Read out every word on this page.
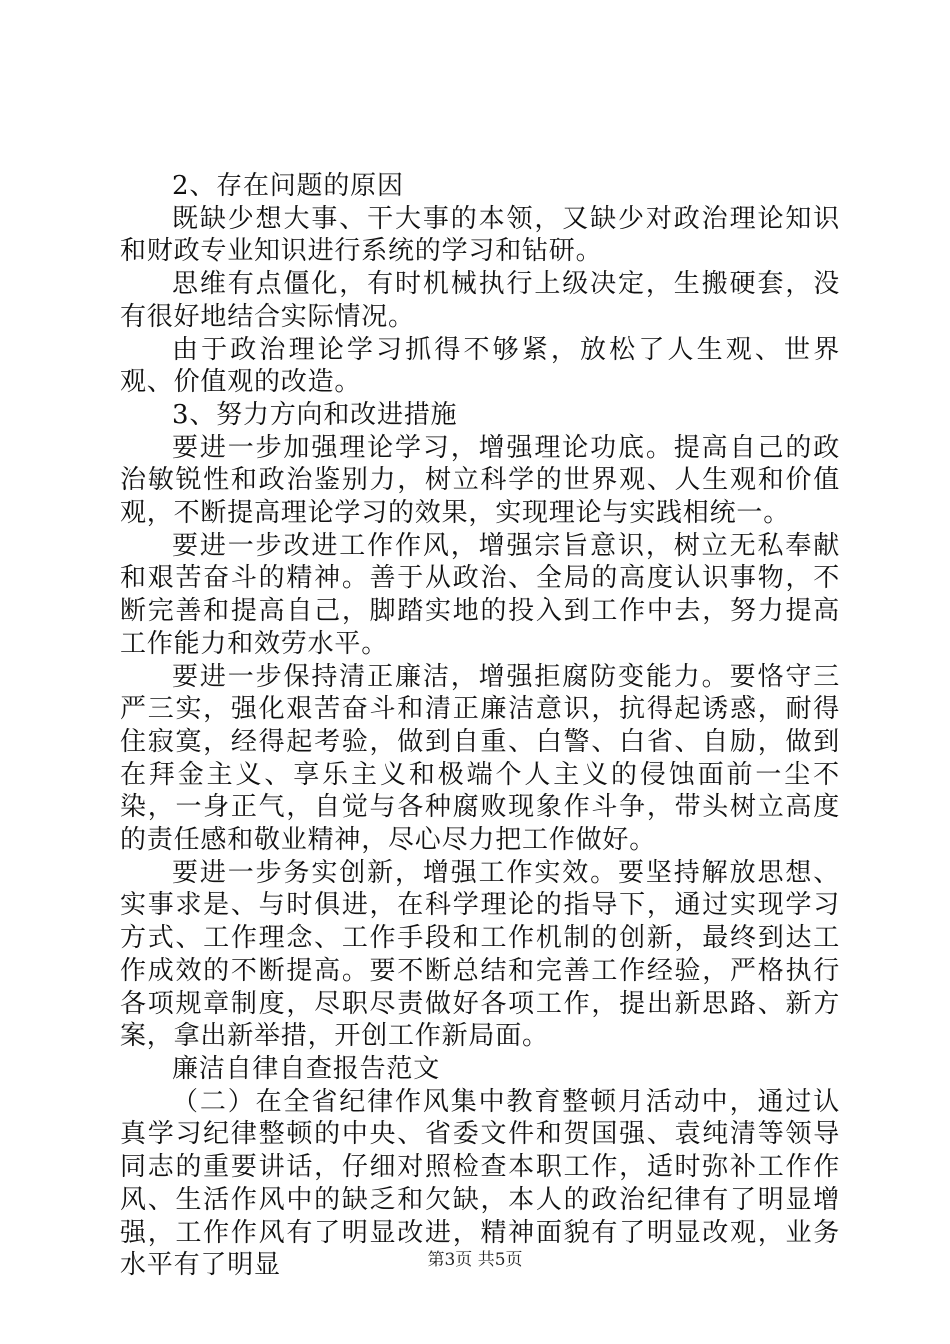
2、存在问题的原因

既缺少想大事、干大事的本领，又缺少对政治理论知识和财政专业知识进行系统的学习和钻研。

思维有点僵化，有时机械执行上级决定，生搬硬套，没有很好地结合实际情况。

由于政治理论学习抓得不够紧，放松了人生观、世界观、价值观的改造。

3、努力方向和改进措施

要进一步加强理论学习，增强理论功底。提高自己的政治敏锐性和政治鉴别力，树立科学的世界观、人生观和价值观，不断提高理论学习的效果，实现理论与实践相统一。

要进一步改进工作作风，增强宗旨意识，树立无私奉献和艰苦奋斗的精神。善于从政治、全局的高度认识事物，不断完善和提高自己，脚踏实地的投入到工作中去，努力提高工作能力和效劳水平。

要进一步保持清正廉洁，增强拒腐防变能力。要恪守三严三实，强化艰苦奋斗和清正廉洁意识，抗得起诱惑，耐得住寂寞，经得起考验，做到自重、白警、白省、自励，做到在拜金主义、享乐主义和极端个人主义的侵蚀面前一尘不染，一身正气，自觉与各种腐败现象作斗争，带头树立高度的责任感和敬业精神，尽心尽力把工作做好。

要进一步务实创新，增强工作实效。要坚持解放思想、实事求是、与时俱进，在科学理论的指导下，通过实现学习方式、工作理念、工作手段和工作机制的创新，最终到达工作成效的不断提高。要不断总结和完善工作经验，严格执行各项规章制度，尽职尽责做好各项工作，提出新思路、新方案，拿出新举措，开创工作新局面。

廉洁自律自查报告范文

（二）在全省纪律作风集中教育整顿月活动中，通过认真学习纪律整顿的中央、省委文件和贺国强、袁纯清等领导同志的重要讲话，仔细对照检查本职工作，适时弥补工作作风、生活作风中的缺乏和欠缺，本人的政治纪律有了明显增强，工作作风有了明显改进，精神面貌有了明显改观，业务水平有了明显	第3页 共5页
